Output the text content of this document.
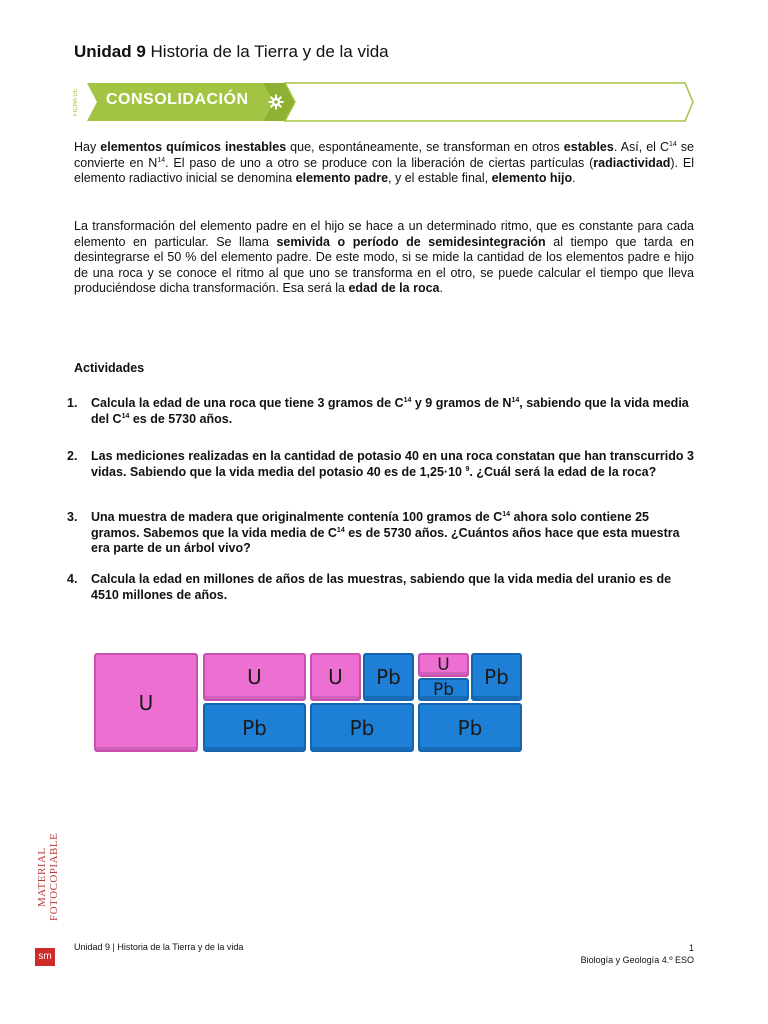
Unidad 9 Historia de la Tierra y de la vida
FICHA DE	CONSOLIDACIÓN
Hay elementos químicos inestables que, espontáneamente, se transforman en otros estables. Así, el $C^{14}$ se convierte en $N^{14}$. El paso de uno a otro se produce con la liberación de ciertas partículas (radiactividad). El elemento radiactivo inicial se denomina elemento padre, y el estable final, elemento hijo.
La transformación del elemento padre en el hijo se hace a un determinado ritmo, que es constante para cada elemento en particular. Se llama semivida o período de semidesintegración al tiempo que tarda en desintegrarse el 50 % del elemento padre. De este modo, si se mide la cantidad de los elementos padre e hijo de una roca y se conoce el ritmo al que uno se transforma en el otro, se puede calcular el tiempo que lleva produciéndose dicha transformación. Esa será la edad de la roca.
Actividades
1.	Calcula la edad de una roca que tiene 3 gramos de $C^{14}$ y 9 gramos de $N^{14}$, sabiendo que la vida media del $C^{14}$ es de 5730 años.
2.	Las mediciones realizadas en la cantidad de potasio 40 en una roca constatan que han transcurrido 3 vidas. Sabiendo que la vida media del potasio 40 es de 1,25·10 $^9$. ¿Cuál será la edad de la roca?
3.	Una muestra de madera que originalmente contenía 100 gramos de $C^{14}$ ahora solo contiene 25 gramos. Sabemos que la vida media de $C^{14}$ es de 5730 años. ¿Cuántos años hace que esta muestra era parte de un árbol vivo?
4.	Calcula la edad en millones de años de las muestras, sabiendo que la vida media del uranio es de 4510 millones de años.
U
U
Pb
U Pb
Pb
U
Pb
Pb
Pb
MATERIAL FOTOCOPIABLE
sm
Unidad 9 | Historia de la Tierra y de la vida	1
Biología y Geología 4.º ESO
